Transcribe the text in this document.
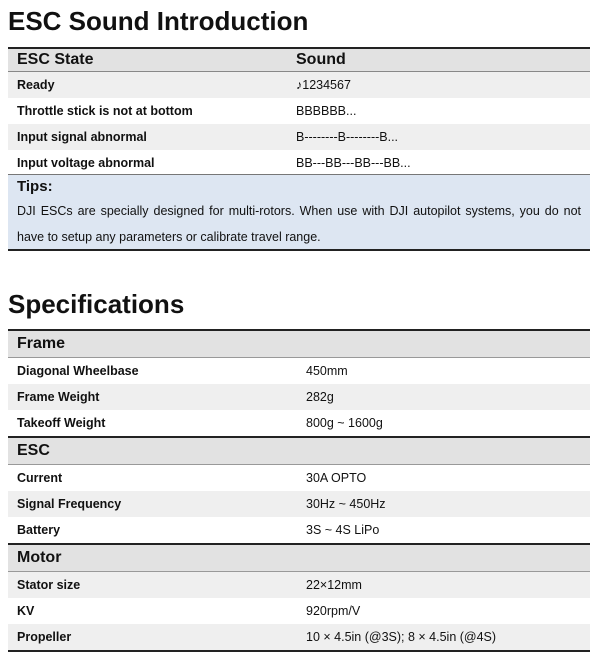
ESC Sound Introduction
ESC State	Sound
Ready	♪1234567
Throttle stick is not at bottom	BBBBBB...
Input signal abnormal	B--------B--------B...
Input voltage abnormal	BB---BB---BB---BB...
Tips:
DJI ESCs are specially designed for multi-rotors. When use with DJI autopilot systems, you do not have to setup any parameters or calibrate travel range.
Specifications
Frame
Diagonal Wheelbase	450mm
Frame Weight	282g
Takeoff Weight	800g ~ 1600g
ESC
Current	30A OPTO
Signal Frequency	30Hz ~ 450Hz
Battery	3S ~ 4S LiPo
Motor
Stator size	22×12mm
KV	920rpm/V
Propeller	10 × 4.5in (@3S); 8 × 4.5in (@4S)
